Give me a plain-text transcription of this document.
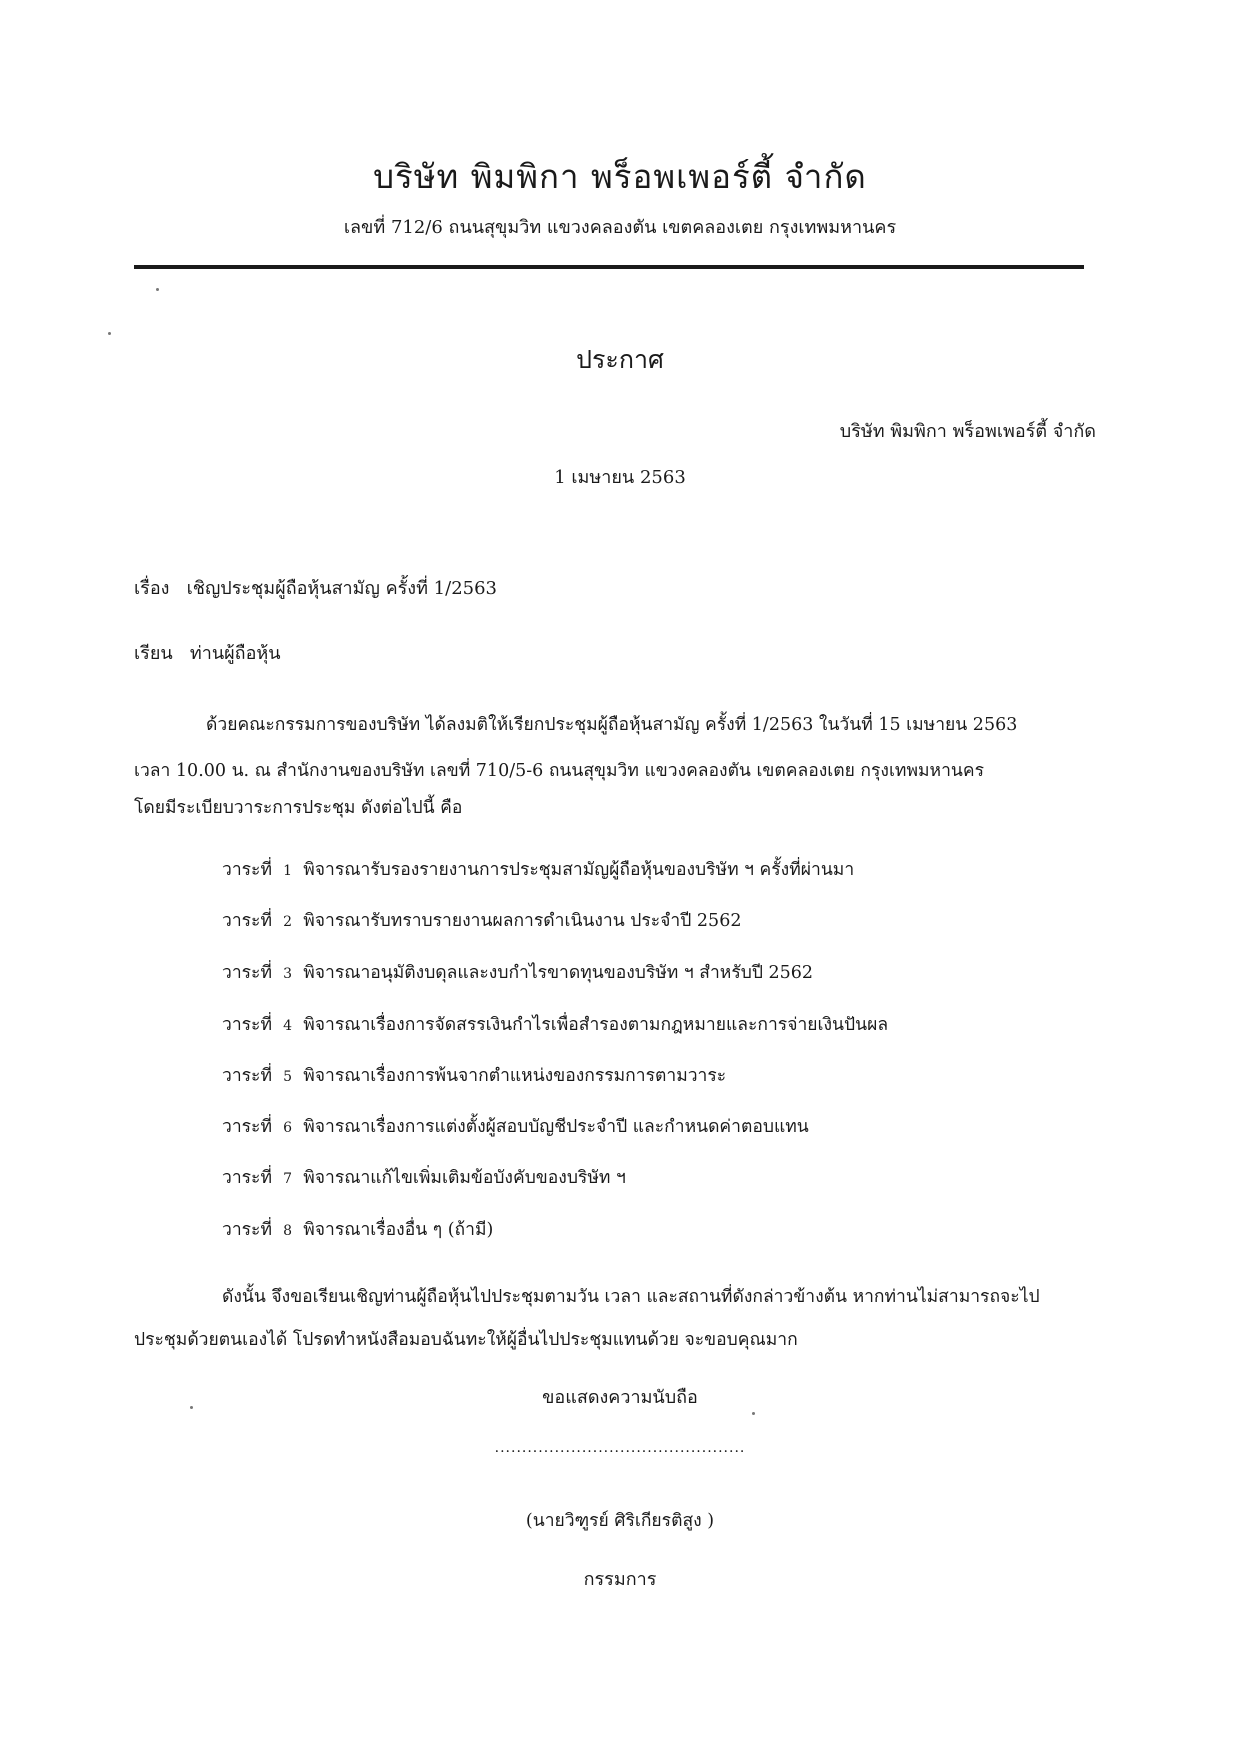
บริษัท พิมพิกา พร็อพเพอร์ตี้ จำกัด
เลขที่ 712/6 ถนนสุขุมวิท แขวงคลองตัน เขตคลองเตย กรุงเทพมหานคร
ประกาศ
บริษัท พิมพิกา พร็อพเพอร์ตี้ จำกัด
1 เมษายน 2563
เรื่อง เชิญประชุมผู้ถือหุ้นสามัญ ครั้งที่ 1/2563
เรียน ท่านผู้ถือหุ้น
ด้วยคณะกรรมการของบริษัท ได้ลงมติให้เรียกประชุมผู้ถือหุ้นสามัญ ครั้งที่ 1/2563 ในวันที่ 15 เมษายน 2563
เวลา 10.00 น. ณ สำนักงานของบริษัท เลขที่ 710/5-6 ถนนสุขุมวิท แขวงคลองตัน เขตคลองเตย กรุงเทพมหานคร
โดยมีระเบียบวาระการประชุม ดังต่อไปนี้ คือ
วาระที่ 1 พิจารณารับรองรายงานการประชุมสามัญผู้ถือหุ้นของบริษัท ฯ ครั้งที่ผ่านมา
วาระที่ 2 พิจารณารับทราบรายงานผลการดำเนินงาน ประจำปี 2562
วาระที่ 3 พิจารณาอนุมัติงบดุลและงบกำไรขาดทุนของบริษัท ฯ สำหรับปี 2562
วาระที่ 4 พิจารณาเรื่องการจัดสรรเงินกำไรเพื่อสำรองตามกฎหมายและการจ่ายเงินปันผล
วาระที่ 5 พิจารณาเรื่องการพ้นจากตำแหน่งของกรรมการตามวาระ
วาระที่ 6 พิจารณาเรื่องการแต่งตั้งผู้สอบบัญชีประจำปี และกำหนดค่าตอบแทน
วาระที่ 7 พิจารณาแก้ไขเพิ่มเติมข้อบังคับของบริษัท ฯ
วาระที่ 8 พิจารณาเรื่องอื่น ๆ (ถ้ามี)
ดังนั้น จึงขอเรียนเชิญท่านผู้ถือหุ้นไปประชุมตามวัน เวลา และสถานที่ดังกล่าวข้างต้น หากท่านไม่สามารถจะไป
ประชุมด้วยตนเองได้ โปรดทำหนังสือมอบฉันทะให้ผู้อื่นไปประชุมแทนด้วย จะขอบคุณมาก
ขอแสดงความนับถือ
..............................................
(นายวิฑูรย์ ศิริเกียรติสูง )
กรรมการ
